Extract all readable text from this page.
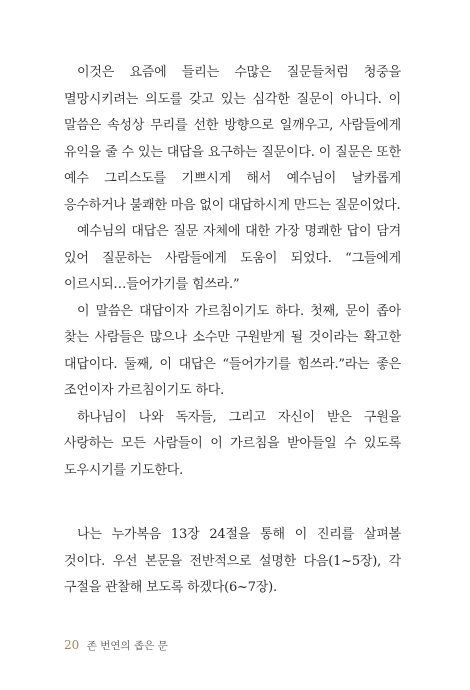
이것은 요즘에 들리는 수많은 질문들처럼 청중을 멸망시키려는 의도를 갖고 있는 심각한 질문이 아니다. 이 말씀은 속성상 무리를 선한 방향으로 일깨우고, 사람들에게 유익을 줄 수 있는 대답을 요구하는 질문이다. 이 질문은 또한 예수 그리스도를 기쁘시게 해서 예수님이 날카롭게 응수하거나 불쾌한 마음 없이 대답하시게 만드는 질문이었다.

예수님의 대답은 질문 자체에 대한 가장 명쾌한 답이 담겨 있어 질문하는 사람들에게 도움이 되었다. “그들에게 이르시되…들어가기를 힘쓰라.”

이 말씀은 대답이자 가르침이기도 하다. 첫째, 문이 좁아 찾는 사람들은 많으나 소수만 구원받게 될 것이라는 확고한 대답이다. 둘째, 이 대답은 “들어가기를 힘쓰라.”라는 좋은 조언이자 가르침이기도 하다.

하나님이 나와 독자들, 그리고 자신이 받은 구원을 사랑하는 모든 사람들이 이 가르침을 받아들일 수 있도록 도우시기를 기도한다.

나는 누가복음 13장 24절을 통해 이 진리를 살펴볼 것이다. 우선 본문을 전반적으로 설명한 다음(1~5장), 각 구절을 관찰해 보도록 하겠다(6~7장).

20 존 번연의 좁은 문
